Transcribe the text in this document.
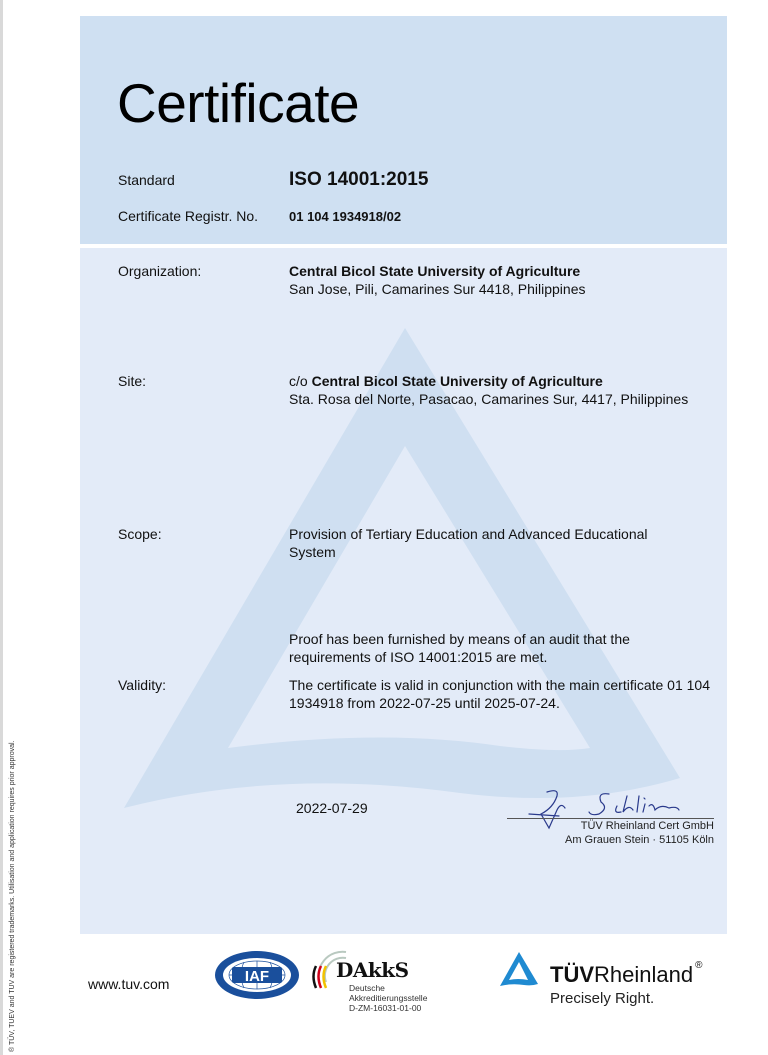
® TÜV, TUEV and TUV are registered trademarks. Utilisation and application requires prior approval.
Certificate
Standard	ISO 14001:2015
Certificate Registr. No. 01 104 1934918/02
Organization:	Central Bicol State University of Agriculture
San Jose, Pili, Camarines Sur 4418, Philippines
Site:	c/o Central Bicol State University of Agriculture
Sta. Rosa del Norte, Pasacao, Camarines Sur, 4417, Philippines
Scope:	Provision of Tertiary Education and Advanced Educational System
Proof has been furnished by means of an audit that the requirements of ISO 14001:2015 are met.
Validity:	The certificate is valid in conjunction with the main certificate 01 104 1934918 from 2022-07-25 until 2025-07-24.
2022-07-29
TÜV Rheinland Cert GmbH
Am Grauen Stein · 51105 Köln
www.tuv.com	IAF	DAkkS
Deutsche
Akkreditierungsstelle
D-ZM-16031-01-00
TÜVRheinland ®
Precisely Right.
